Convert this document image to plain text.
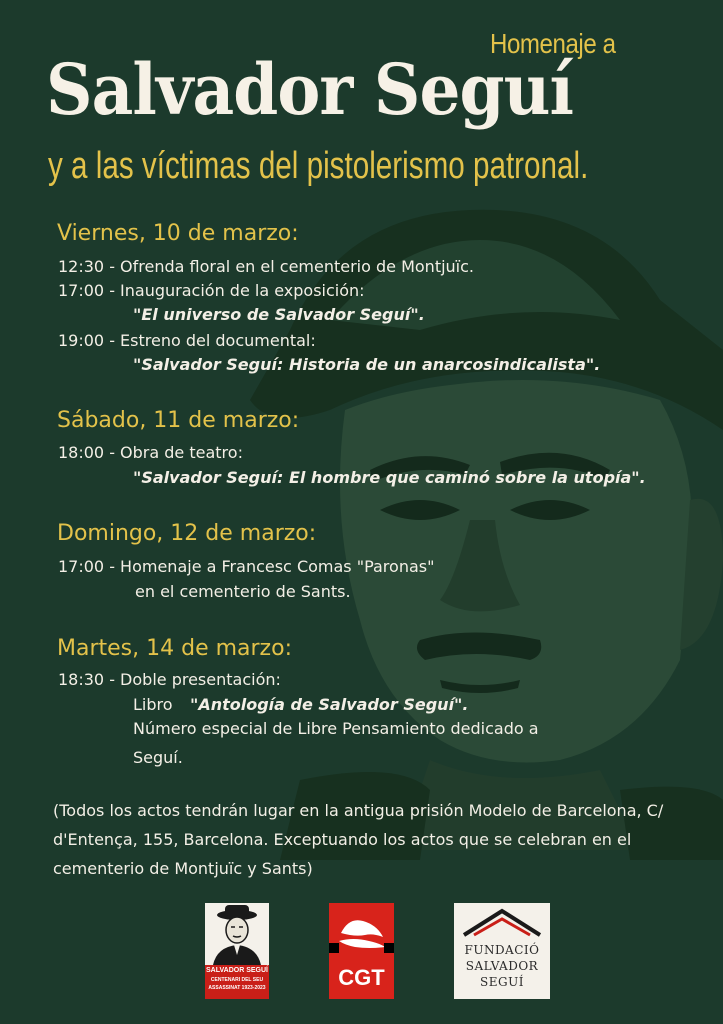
Homenaje a
Salvador Seguí
y a las víctimas del pistolerismo patronal.
Viernes, 10 de marzo:
12:30 - Ofrenda floral en el cementerio de Montjuïc.
17:00 - Inauguración de la exposición:
"El universo de Salvador Seguí".
19:00 - Estreno del documental:
"Salvador Seguí: Historia de un anarcosindicalista".
Sábado, 11 de marzo:
18:00 - Obra de teatro:
"Salvador Seguí: El hombre que caminó sobre la utopía".
Domingo, 12 de marzo:
17:00 - Homenaje a Francesc Comas "Paronas"
en el cementerio de Sants.
Martes, 14 de marzo:
18:30 - Doble presentación:
Libro "Antología de Salvador Seguí".
Número especial de Libre Pensamiento dedicado a
Seguí.
(Todos los actos tendrán lugar en la antigua prisión Modelo de Barcelona, C/ d'Entença, 155, Barcelona. Exceptuando los actos que se celebran en el cementerio de Montjuïc y Sants)
SALVADOR SEGUÍ
CENTENARI DEL SEU
ASSASSINAT 1923-2023	CGT
FUNDACIÓ
SALVADOR
SEGUÍ
